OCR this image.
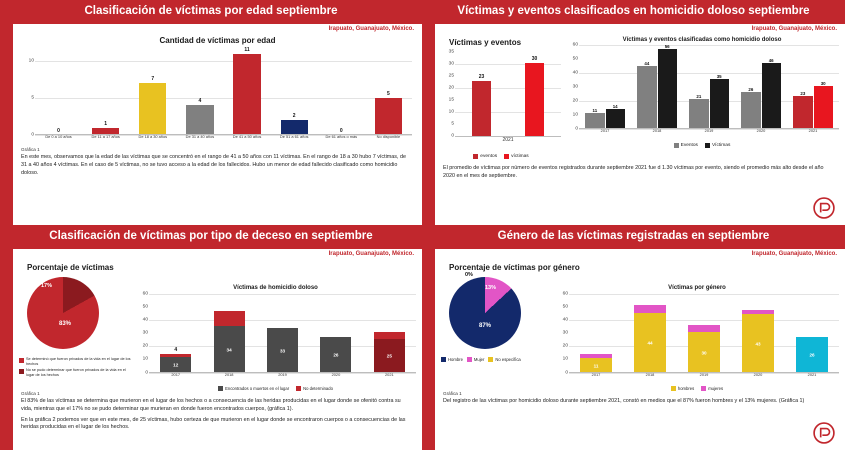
Clasificación de víctimas por edad septiembre
Irapuato, Guanajuato, México.
Cantidad de víctimas por edad
0
5
10
0
1
7
4
11
2
0
5
De 0 a 10 años	De 11 a 17 años	De 18 a 30 años	De 31 a 40 años	De 41 a 50 años	De 51 a 61 años	De 61 años o más	No disponible
Gráfica 1

En este mes, observamos que la edad de las víctimas que se concentró en el rango de 41 a 50 años con 11 víctimas. En el rango de 18 a 30 hubo 7 víctimas, de 31 a 40 años 4 víctimas. En el caso de 5 víctimas, no se tuvo acceso a la edad de los fallecidos. Hubo un menor de edad fallecido clasificado como homicidio doloso.

Víctimas y eventos clasificados en homicidio doloso septiembre
Irapuato, Guanajuato, México.
Víctimas y eventos
0
5
10
15
20
25
30
35
23
30
2021
eventos	víctimas
Víctimas y eventos clasificadas como homicidio doloso
0
10
20
30
40
50
60
11
14
44
56
21
35
26
46
23
30
2017	2018	2019	2020	2021
Eventos	Víctimas

El promedio de víctimas por número de eventos registrados durante septiembre 2021 fue d 1.30 víctimas por evento, siendo el promedio más alto desde el año 2020 en el mes de septiembre.

Clasificación de víctimas por tipo de deceso en septiembre
Irapuato, Guanajuato, México.
Porcentaje de víctimas
17%
83%
Se determinó que fueron privados de la vida en el lugar de los hechos
No se pudo determinar que fueron privados de la vida en el lugar de los hechos
Víctimas de homicidio doloso
0
10
20
30
40
50
60
4
12

34
	33

26
	25
2017	2018	2019	2020	2021
Encontrados o muertos en el lugar	No determinado
Gráfica 1

El 83% de las víctimas se determina que murieron en el lugar de los hechos o a consecuencia de las heridas producidas en el lugar donde se ofenitó contra su vida, mientras que el 17% no se pudo determinar que murieran en donde fueron encontrados cuerpos, (gráfica 1).

En la gráfica 2 podemos ver que en este mes, de 25 víctimas, hubo certeza de que murieron en el lugar donde se encontraron cuerpos o a consecuencias de las heridas producidas en el lugar de los hechos.

Género de las víctimas registradas en septiembre
Irapuato, Guanajuato, México.
Porcentaje de víctimas por género
0%
13%
87%
Hombre	Mujer	No específica
Víctimas por género
0
10
20
30
40
50
60
11
44
30
43
26
2017	2018	2019	2020	2021
hombres	mujeres
Gráfica 1

Del registro de las víctimas por homicidio doloso durante septiembre 2021, constó en medios que el 87% fueron hombres y el 13% mujeres. (Gráfica 1)
